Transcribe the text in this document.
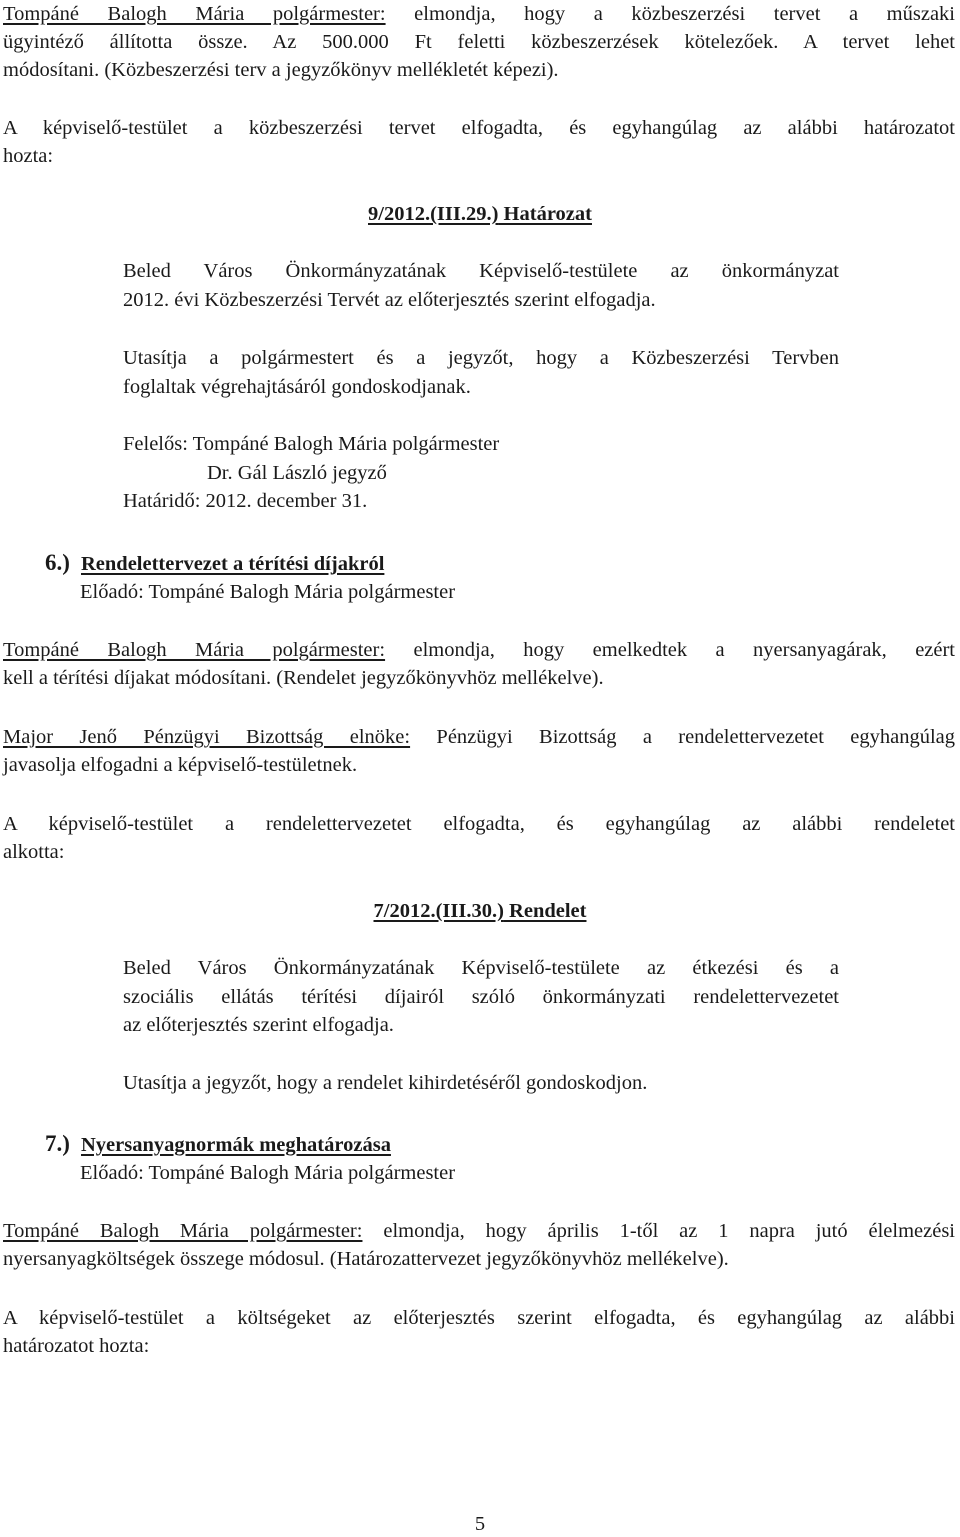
Tompáné Balogh Mária polgármester: elmondja, hogy a közbeszerzési tervet a műszaki
ügyintéző állította össze. Az 500.000 Ft feletti közbeszerzések kötelezőek. A tervet lehet
módosítani. (Közbeszerzési terv a jegyzőkönyv mellékletét képezi).
A képviselő-testület a közbeszerzési tervet elfogadta, és egyhangúlag az alábbi határozatot
hozta:
9/2012.(III.29.) Határozat
Beled Város Önkormányzatának Képviselő-testülete az önkormányzat
2012. évi Közbeszerzési Tervét az előterjesztés szerint elfogadja.
Utasítja a polgármestert és a jegyzőt, hogy a Közbeszerzési Tervben
foglaltak végrehajtásáról gondoskodjanak.
Felelős: Tompáné Balogh Mária polgármester
Dr. Gál László jegyző
Határidő: 2012. december 31.
6.) Rendelettervezet a térítési díjakról
Előadó: Tompáné Balogh Mária polgármester
Tompáné Balogh Mária polgármester: elmondja, hogy emelkedtek a nyersanyagárak, ezért
kell a térítési díjakat módosítani. (Rendelet jegyzőkönyvhöz mellékelve).
Major Jenő Pénzügyi Bizottság elnöke: Pénzügyi Bizottság a rendelettervezetet egyhangúlag
javasolja elfogadni a képviselő-testületnek.
A képviselő-testület a rendelettervezetet elfogadta, és egyhangúlag az alábbi rendeletet
alkotta:
7/2012.(III.30.) Rendelet
Beled Város Önkormányzatának Képviselő-testülete az étkezési és a
szociális ellátás térítési díjairól szóló önkormányzati rendelettervezetet
az előterjesztés szerint elfogadja.
Utasítja a jegyzőt, hogy a rendelet kihirdetéséről gondoskodjon.
7.) Nyersanyagnormák meghatározása
Előadó: Tompáné Balogh Mária polgármester
Tompáné Balogh Mária polgármester: elmondja, hogy április 1-től az 1 napra jutó élelmezési
nyersanyagköltségek összege módosul. (Határozattervezet jegyzőkönyvhöz mellékelve).
A képviselő-testület a költségeket az előterjesztés szerint elfogadta, és egyhangúlag az alábbi
határozatot hozta:
5
